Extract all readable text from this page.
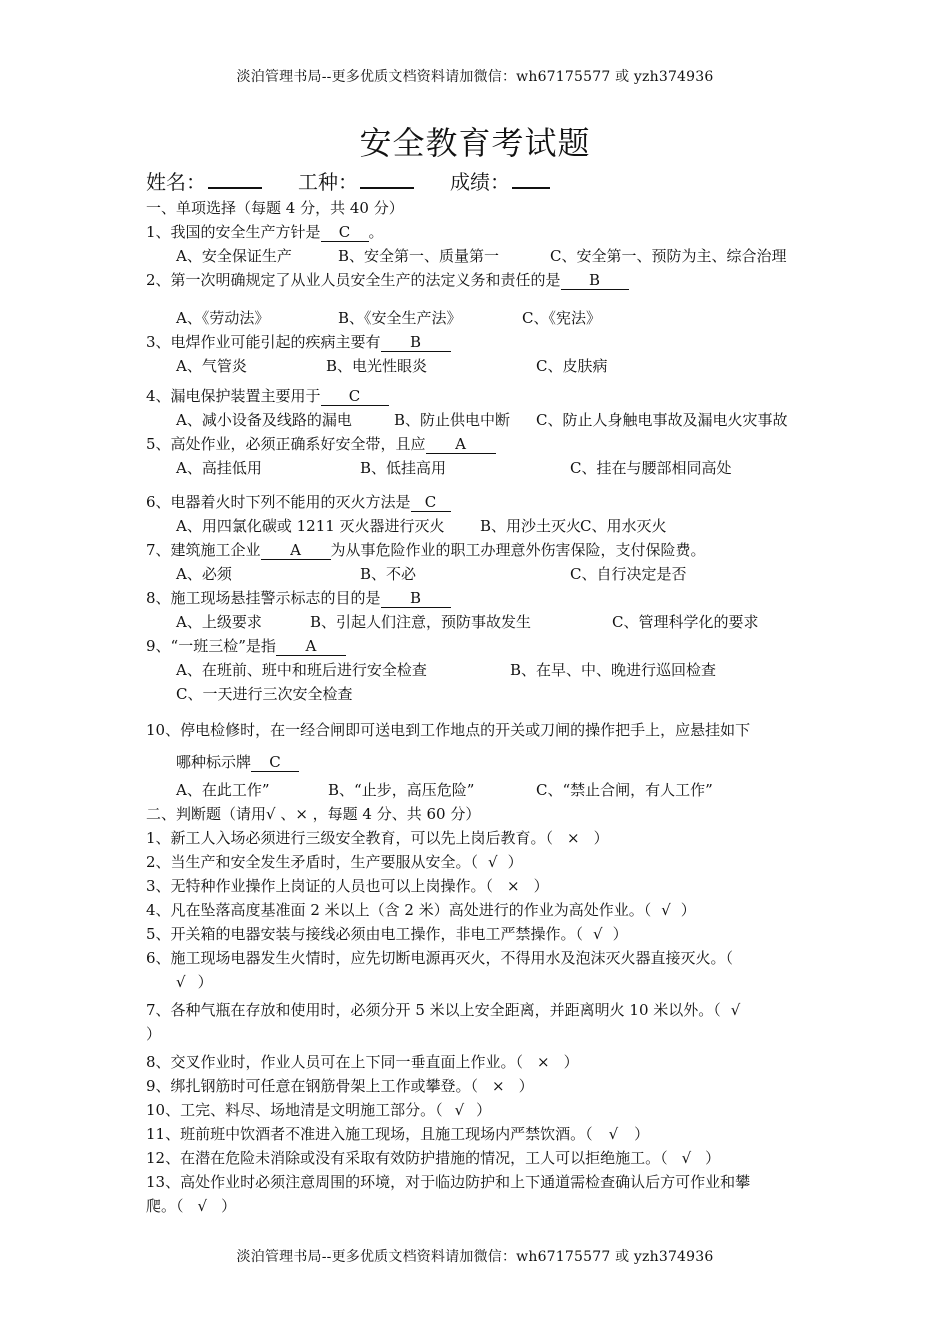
淡泊管理书局--更多优质文档资料请加微信：wh67175577 或 yzh374936
安全教育考试题
姓名：	工种：	成绩：
一、单项选择（每题 4 分，共 40 分）
1、我国的安全生产方针是 C 。
A、安全保证生产	B、安全第一、质量第一	C、安全第一、预防为主、综合治理
2、第一次明确规定了从业人员安全生产的法定义务和责任的是 B
A、《劳动法》	B、《安全生产法》	C、《宪法》
3、电焊作业可能引起的疾病主要有 B
A、气管炎	B、电光性眼炎	C、皮肤病
4、漏电保护装置主要用于 C
A、减小设备及线路的漏电	B、防止供电中断 C、防止人身触电事故及漏电火灾事故
5、高处作业，必须正确系好安全带，且应 A
A、高挂低用	B、低挂高用	C、挂在与腰部相同高处
6、电器着火时下列不能用的灭火方法是 C
A、用四氯化碳或 1211 灭火器进行灭火 B、用沙土灭火C、用水灭火
7、建筑施工企业 A 为从事危险作业的职工办理意外伤害保险，支付保险费。
A、必须	B、不必	C、自行决定是否
8、施工现场悬挂警示标志的目的是 B
A、上级要求	B、引起人们注意，预防事故发生	C、管理科学化的要求
9、“一班三检”是指 A
A、在班前、班中和班后进行安全检查	B、在早、中、晚进行巡回检查
C、一天进行三次安全检查
10、停电检修时，在一经合闸即可送电到工作地点的开关或刀闸的操作把手上，应悬挂如下
哪种标示牌 C
A、在此工作”	B、“止步，高压危险”	C、“禁止合闸，有人工作”
二、判断题（请用√ 、× ，每题 4 分、共 60 分）
1、新工人入场必须进行三级安全教育，可以先上岗后教育。（ × ）
2、当生产和安全发生矛盾时，生产要服从安全。（ √ ）
3、无特种作业操作上岗证的人员也可以上岗操作。（ × ）
4、凡在坠落高度基准面 2 米以上（含 2 米）高处进行的作业为高处作业。（ √ ）
5、开关箱的电器安装与接线必须由电工操作，非电工严禁操作。（ √ ）
6、施工现场电器发生火情时，应先切断电源再灭火，不得用水及泡沫灭火器直接灭火。（
√ ）
7、各种气瓶在存放和使用时，必须分开 5 米以上安全距离，并距离明火 10 米以外。（ √
）
8、交叉作业时，作业人员可在上下同一垂直面上作业。（ × ）
9、绑扎钢筋时可任意在钢筋骨架上工作或攀登。（ × ）
10、工完、料尽、场地清是文明施工部分。（ √ ）
11、班前班中饮酒者不准进入施工现场，且施工现场内严禁饮酒。（ √ ）
12、在潜在危险未消除或没有采取有效防护措施的情况，工人可以拒绝施工。（ √ ）
13、高处作业时必须注意周围的环境，对于临边防护和上下通道需检查确认后方可作业和攀
爬。（ √ ）
淡泊管理书局--更多优质文档资料请加微信：wh67175577 或 yzh374936
